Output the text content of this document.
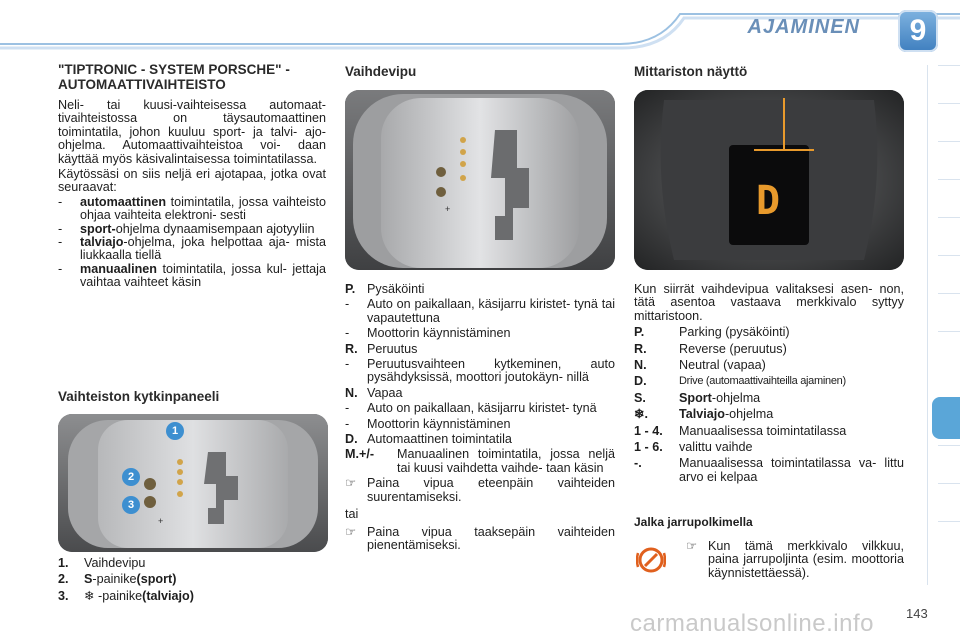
AJAMINEN	9
"TIPTRONIC - SYSTEM PORSCHE" -AUTOMAATTIVAIHTEISTO
Neli- tai kuusi-vaihteisessa automaat- tivaihteistossa on täysautomaattinen toimintatila, johon kuuluu sport- ja talvi- ajo-ohjelma. Automaattivaihteistoa voi- daan käyttää myös käsivalintaisessa toimintatilassa.
Käytössäsi on siis neljä eri ajotapaa, jotka ovat seuraavat:
-	automaattinen toimintatila, jossa vaihteisto ohjaa vaihteita elektroni- sesti
-	sport-ohjelma dynaamisempaan ajotyyliin
-	talviajo-ohjelma, joka helpottaa aja- mista liukkaalla tiellä
-	manuaalinen toimintatila, jossa kul- jettaja vaihtaa vaihteet käsin
Vaihteiston kytkinpaneeli
+
1
2
3
1.	Vaihdevipu
2.	S -painike (sport)
3.	❄ -painike (talviajo)
Vaihdevipu
+
P. Pysäköinti
-	Auto on paikallaan, käsijarru kiristet- tynä tai vapautettuna
-	Moottorin käynnistäminen
R. Peruutus
-	Peruutusvaihteen kytkeminen, auto pysähdyksissä, moottori joutokäyn- nillä
N. Vapaa
-	Auto on paikallaan, käsijarru kiristet- tynä
-	Moottorin käynnistäminen
D. Automaattinen toimintatila
M.+/-	Manuaalinen toimintatila, jossa neljä tai kuusi vaihdetta vaihde- taan käsin
☞ Paina vipua eteenpäin vaihteiden suurentamiseksi.
tai
☞ Paina vipua taaksepäin vaihteiden pienentämiseksi.
Mittariston näyttö
D
Kun siirrät vaihdevipua valitaksesi asen- non, tätä asentoa vastaava merkkivalo syttyy mittaristoon.
P.	Parking (pysäköinti)
R.	Reverse (peruutus)
N.	Neutral (vapaa)
D.	Drive (automaattivaihteilla ajaminen)
S.	Sport -ohjelma
❄.	Talviajo -ohjelma
1 - 4.	Manuaalisessa toimintatilassa
1 - 6.	valittu vaihde
-.	Manuaalisessa toimintatilassa va- littu arvo ei kelpaa
Jalka jarrupolkimella
☞ Kun tämä merkkivalo vilkkuu, paina jarrupoljinta (esim. moottoria käynnistettäessä).
carmanualsonline.info 143
